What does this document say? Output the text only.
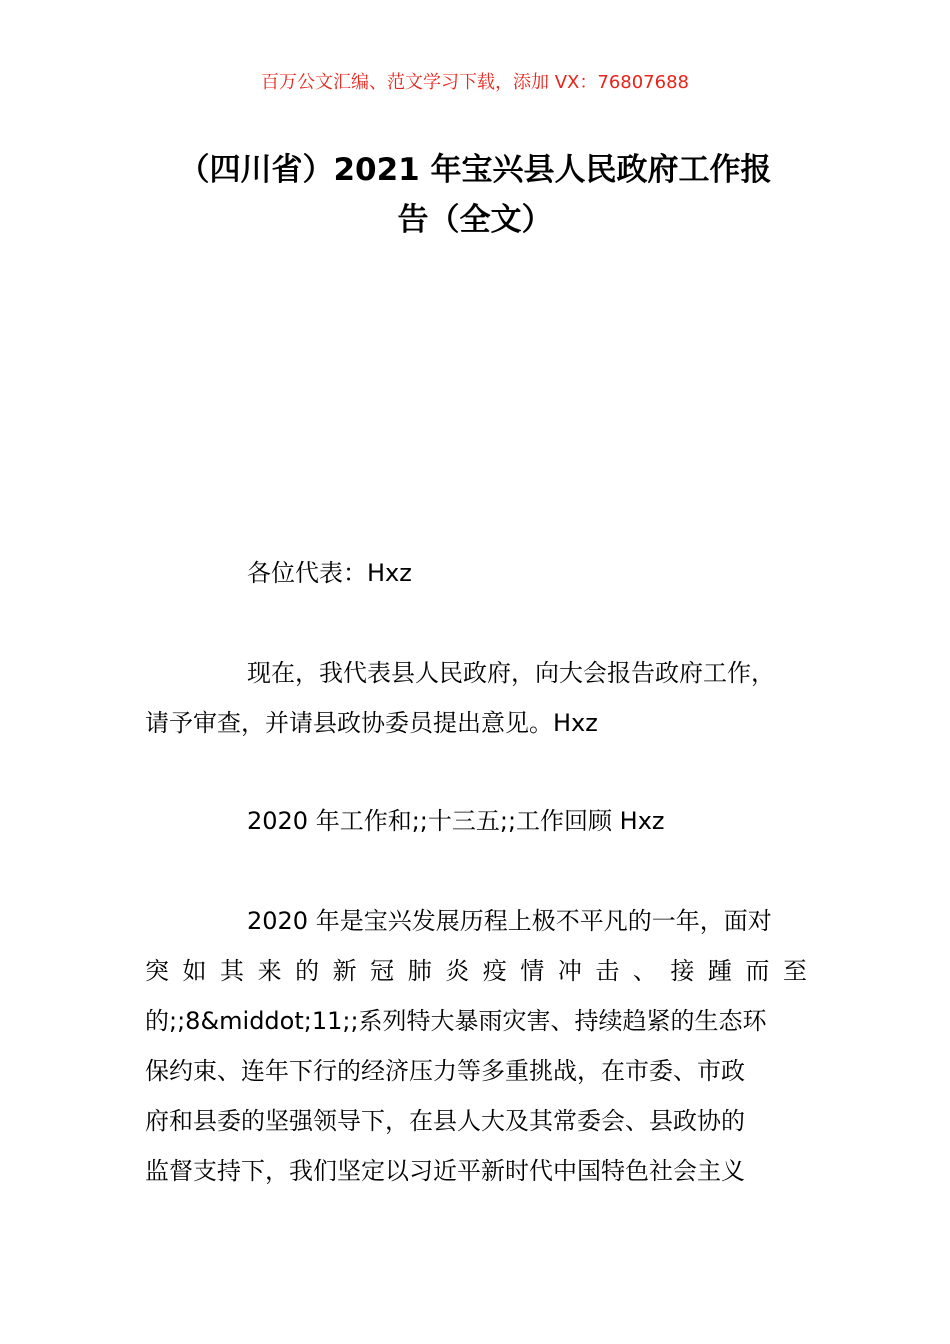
百万公文汇编、范文学习下载，添加 VX：76807688
（四川省）2021 年宝兴县人民政府工作报
告（全文）
各位代表：Hxz
现在，我代表县人民政府，向大会报告政府工作，
请予审查，并请县政协委员提出意见。Hxz
2020 年工作和;;十三五;;工作回顾 Hxz
2020 年是宝兴发展历程上极不平凡的一年，面对
突 如 其 来 的 新 冠 肺 炎 疫 情 冲 击 、 接 踵 而 至
的;;8&middot;11;;系列特大暴雨灾害、持续趋紧的生态环
保约束、连年下行的经济压力等多重挑战，在市委、市政
府和县委的坚强领导下，在县人大及其常委会、县政协的
监督支持下，我们坚定以习近平新时代中国特色社会主义
